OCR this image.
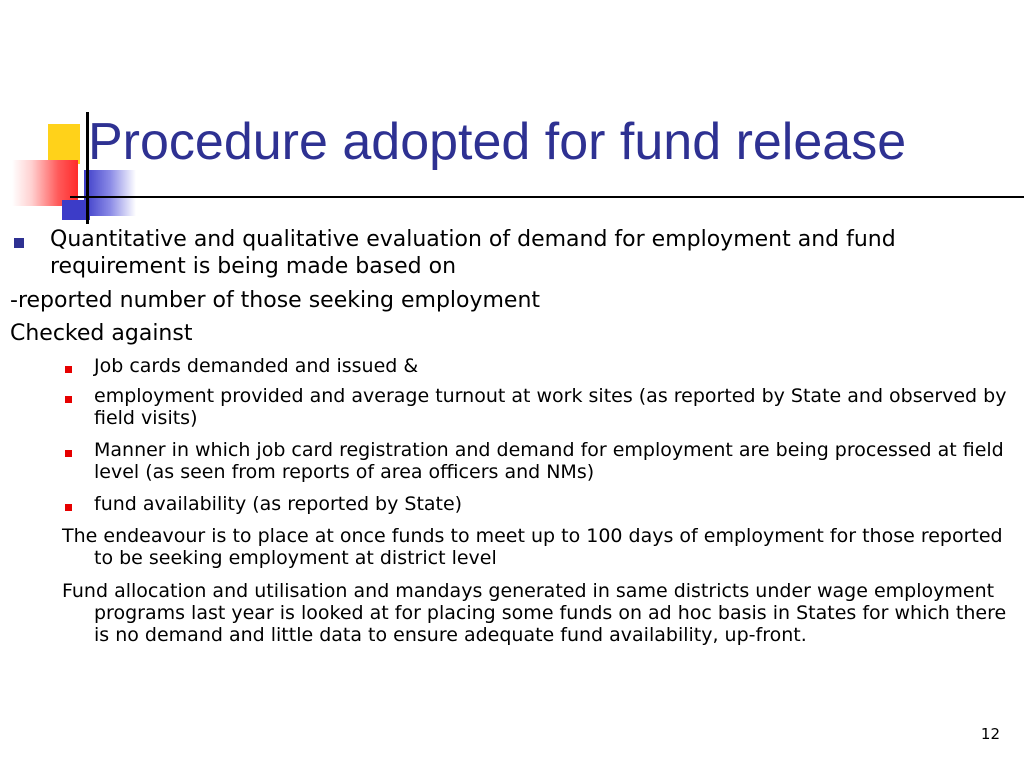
Procedure adopted for fund release
Quantitative and qualitative evaluation of demand for employment and fund requirement is being made based on
-reported number of those seeking employment
Checked against
Job cards demanded and issued &
employment provided and average turnout at work sites (as reported by State and observed by field visits)
Manner in which job card registration and demand for employment are being processed at field level (as seen from reports of area officers and NMs)
fund availability (as reported by State)
The endeavour is to place at once funds to meet up to 100 days of employment for those reported to be seeking employment at district level
Fund allocation and utilisation and mandays generated in same districts under wage employment programs last year is looked at for placing some funds on ad hoc basis in States for which there is no demand and little data to ensure adequate fund availability, up-front.
12
